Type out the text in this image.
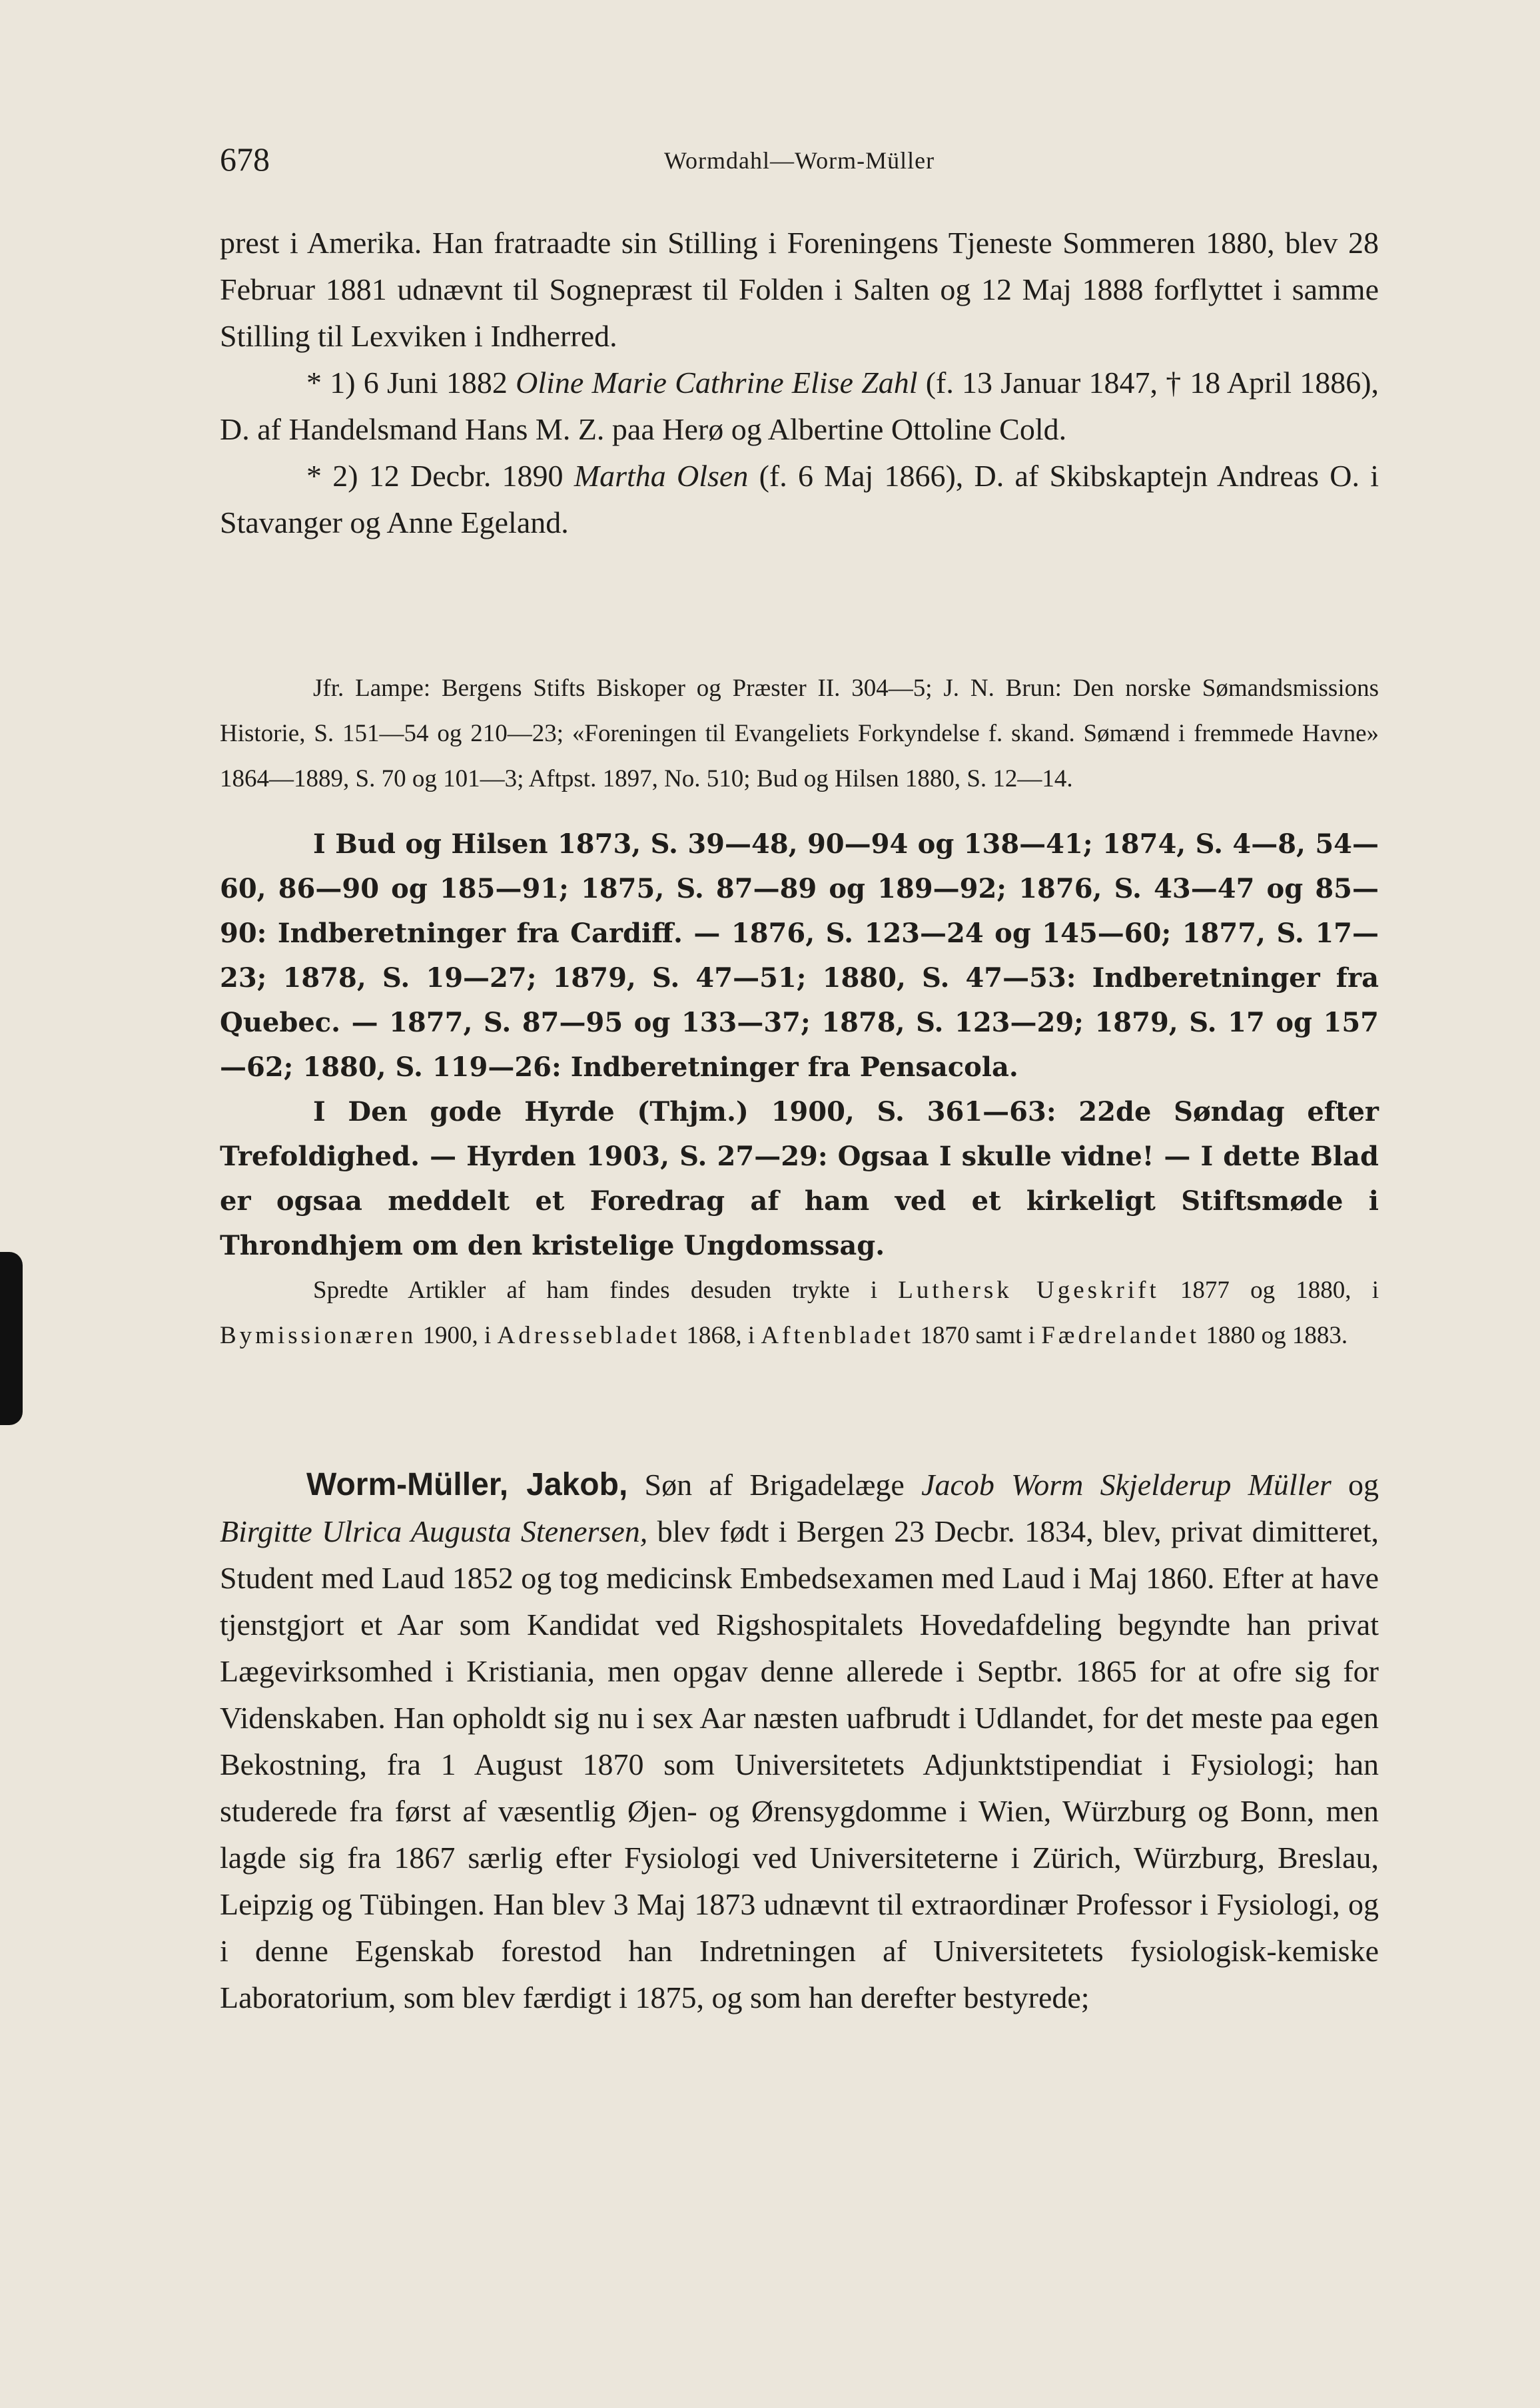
678	Wormdahl—Worm-Müller

prest i Amerika. Han fratraadte sin Stilling i Foreningens Tjeneste Sommeren 1880, blev 28 Februar 1881 udnævnt til Sognepræst til Folden i Salten og 12 Maj 1888 forflyttet i samme Stilling til Lexviken i Indherred.

* 1) 6 Juni 1882 Oline Marie Cathrine Elise Zahl (f. 13 Januar 1847, † 18 April 1886), D. af Handelsmand Hans M. Z. paa Herø og Albertine Ottoline Cold.

* 2) 12 Decbr. 1890 Martha Olsen (f. 6 Maj 1866), D. af Skibskaptejn Andreas O. i Stavanger og Anne Egeland.

Jfr. Lampe: Bergens Stifts Biskoper og Præster II. 304—5; J. N. Brun: Den norske Sømandsmissions Historie, S. 151—54 og 210—23; «Foreningen til Evangeliets Forkyndelse f. skand. Sømænd i fremmede Havne» 1864—1889, S. 70 og 101—3; Aftpst. 1897, No. 510; Bud og Hilsen 1880, S. 12—14.

I Bud og Hilsen 1873, S. 39—48, 90—94 og 138—41; 1874, S. 4—8, 54—60, 86—90 og 185—91; 1875, S. 87—89 og 189—92; 1876, S. 43—47 og 85—90: Indberetninger fra Cardiff. — 1876, S. 123—24 og 145—60; 1877, S. 17—23; 1878, S. 19—27; 1879, S. 47—51; 1880, S. 47—53: Indberetninger fra Quebec. — 1877, S. 87—95 og 133—37; 1878, S. 123—29; 1879, S. 17 og 157—62; 1880, S. 119—26: Indberetninger fra Pensacola.

I Den gode Hyrde (Thjm.) 1900, S. 361—63: 22de Søndag efter Trefoldighed. — Hyrden 1903, S. 27—29: Ogsaa I skulle vidne! — I dette Blad er ogsaa meddelt et Foredrag af ham ved et kirkeligt Stiftsmøde i Throndhjem om den kristelige Ungdomssag.

Spredte Artikler af ham findes desuden trykte i Luthersk Ugeskrift 1877 og 1880, i Bymissionæren 1900, i Adressebladet 1868, i Aftenbladet 1870 samt i Fædrelandet 1880 og 1883.

Worm-Müller, Jakob, Søn af Brigadelæge Jacob Worm Skjelderup Müller og Birgitte Ulrica Augusta Stenersen, blev født i Bergen 23 Decbr. 1834, blev, privat dimitteret, Student med Laud 1852 og tog medicinsk Embedsexamen med Laud i Maj 1860. Efter at have tjenstgjort et Aar som Kandidat ved Rigshospitalets Hovedafdeling begyndte han privat Lægevirksomhed i Kristiania, men opgav denne allerede i Septbr. 1865 for at ofre sig for Videnskaben. Han opholdt sig nu i sex Aar næsten uafbrudt i Udlandet, for det meste paa egen Bekostning, fra 1 August 1870 som Universitetets Adjunktstipendiat i Fysiologi; han studerede fra først af væsentlig Øjen- og Ørensygdomme i Wien, Würzburg og Bonn, men lagde sig fra 1867 særlig efter Fysiologi ved Universiteterne i Zürich, Würzburg, Breslau, Leipzig og Tübingen. Han blev 3 Maj 1873 udnævnt til extraordinær Professor i Fysiologi, og i denne Egenskab forestod han Indretningen af Universitetets fysiologisk-kemiske Laboratorium, som blev færdigt i 1875, og som han derefter bestyrede;
